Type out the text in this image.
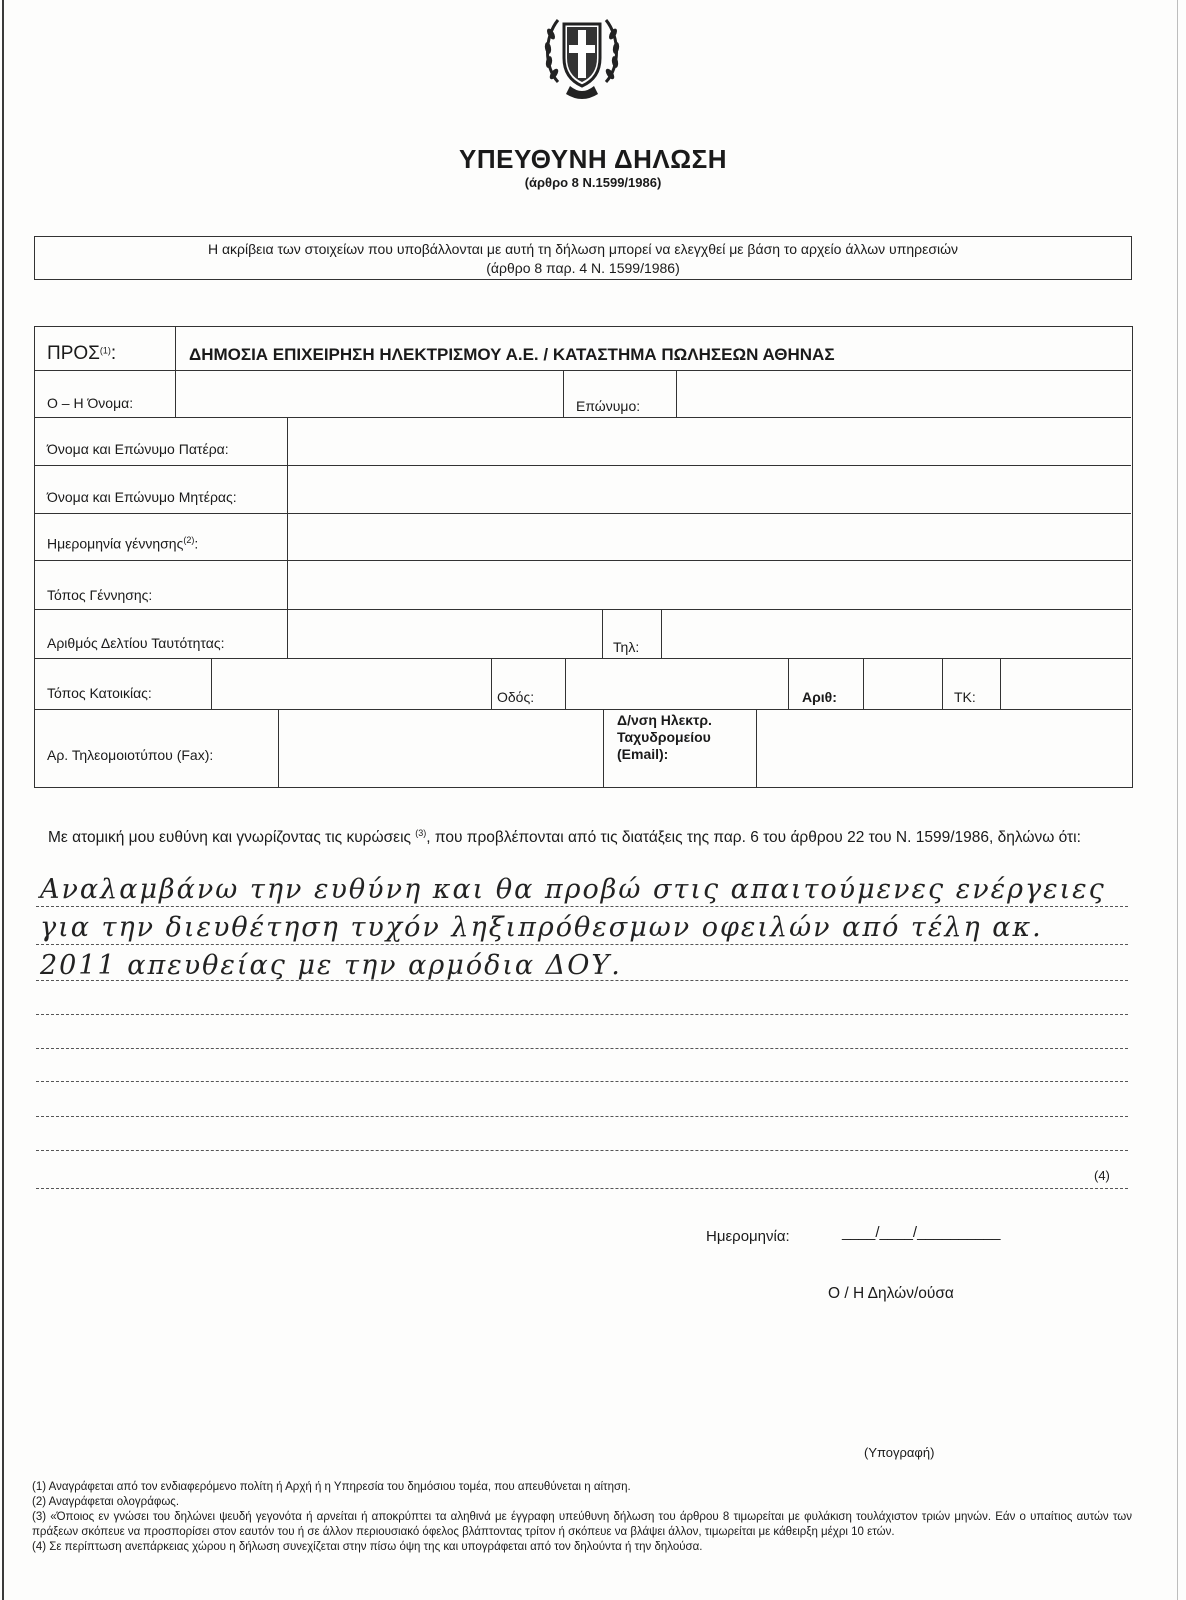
ΥΠΕΥΘΥΝΗ ΔΗΛΩΣΗ
(άρθρο 8 Ν.1599/1986)
Η ακρίβεια των στοιχείων που υποβάλλονται με αυτή τη δήλωση μπορεί να ελεγχθεί με βάση το αρχείο άλλων υπηρεσιών
(άρθρο 8 παρ. 4 Ν. 1599/1986)
ΠΡΟΣ$^{(1)}$:	ΔΗΜΟΣΙΑ ΕΠΙΧΕΙΡΗΣΗ ΗΛΕΚΤΡΙΣΜΟΥ Α.Ε. / ΚΑΤΑΣΤΗΜΑ ΠΩΛΗΣΕΩΝ ΑΘΗΝΑΣ
Ο – Η Όνομα:	Επώνυμο:
Όνομα και Επώνυμο Πατέρα:
Όνομα και Επώνυμο Μητέρας:
Ημερομηνία γέννησης$^{(2)}$:
Τόπος Γέννησης:
Αριθμός Δελτίου Ταυτότητας:	Τηλ:
Τόπος Κατοικίας:	Οδός:	Αριθ:	ΤΚ:
Αρ. Τηλεομοιοτύπου (Fax):
Δ/νση Ηλεκτρ.
Ταχυδρομείου
(Email):
Με ατομική μου ευθύνη και γνωρίζοντας τις κυρώσεις $^{(3)}$, που προβλέπονται από τις διατάξεις της παρ. 6 του άρθρου 22 του Ν. 1599/1986, δηλώνω ότι:
Αναλαμβάνω την ευθύνη και θα προβώ στις απαιτούμενες ενέργειες
για την διευθέτηση τυχόν ληξιπρόθεσμων οφειλών από τέλη ακ.
2011 απευθείας με την αρμόδια ΔΟΥ.
(4)
Ημερομηνία:	____/____/__________
Ο / Η Δηλών/ούσα
(Υπογραφή)

(1) Αναγράφεται από τον ενδιαφερόμενο πολίτη ή Αρχή ή η Υπηρεσία του δημόσιου τομέα, που απευθύνεται η αίτηση.

(2) Αναγράφεται ολογράφως.

(3) «Όποιος εν γνώσει του δηλώνει ψευδή γεγονότα ή αρνείται ή αποκρύπτει τα αληθινά με έγγραφη υπεύθυνη δήλωση του άρθρου 8 τιμωρείται με φυλάκιση τουλάχιστον τριών μηνών. Εάν ο υπαίτιος αυτών των πράξεων σκόπευε να προσπορίσει στον εαυτόν του ή σε άλλον περιουσιακό όφελος βλάπτοντας τρίτον ή σκόπευε να βλάψει άλλον, τιμωρείται με κάθειρξη μέχρι 10 ετών.

(4) Σε περίπτωση ανεπάρκειας χώρου η δήλωση συνεχίζεται στην πίσω όψη της και υπογράφεται από τον δηλούντα ή την δηλούσα.
